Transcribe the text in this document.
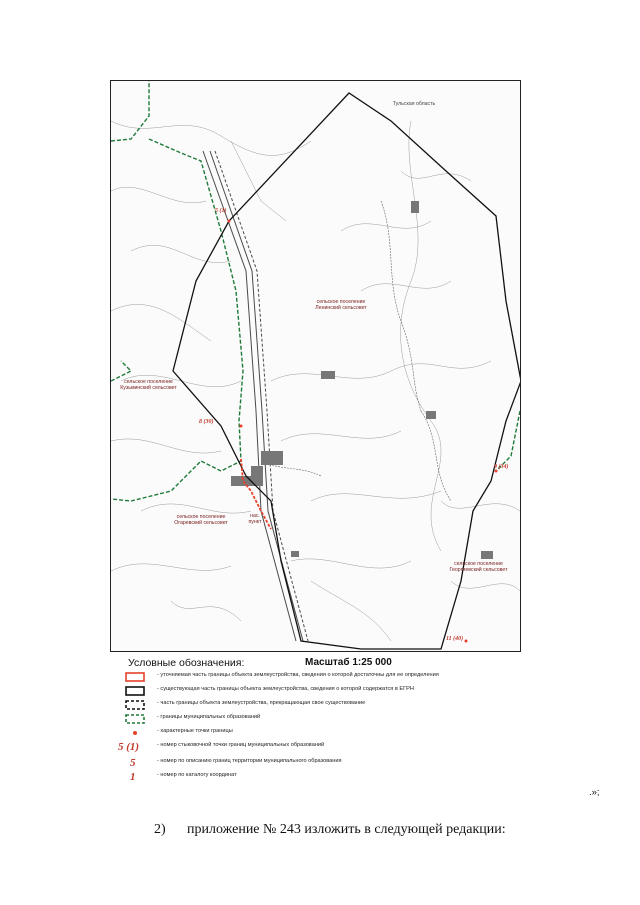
Тульская область
сельское поселение
Ленинский сельсовет
сельское поселение
Кузьминский сельсовет
сельское поселение
Огаревский сельсовет
сельское поселение
Георгиевский сельсовет
нас.
пункт
5 (1)
8 (30)
9 (34)
11 (40)
Условные обозначения:	Масштаб 1:25 000
- уточняемая часть границы объекта землеустройства, сведения о которой достаточны для ее определения
- существующая часть границы объекта землеустройства, сведения о которой содержатся в ЕГРН
- часть границы объекта землеустройства, прекращающая свое существование
- границы муниципальных образований
- характерные точки границы
5 (1)	- номер стыковочной точки границ муниципальных образований
5	- номер по описанию границ территории муниципального образования
1	- номер по каталогу координат
.»;
2) приложение № 243 изложить в следующей редакции:
